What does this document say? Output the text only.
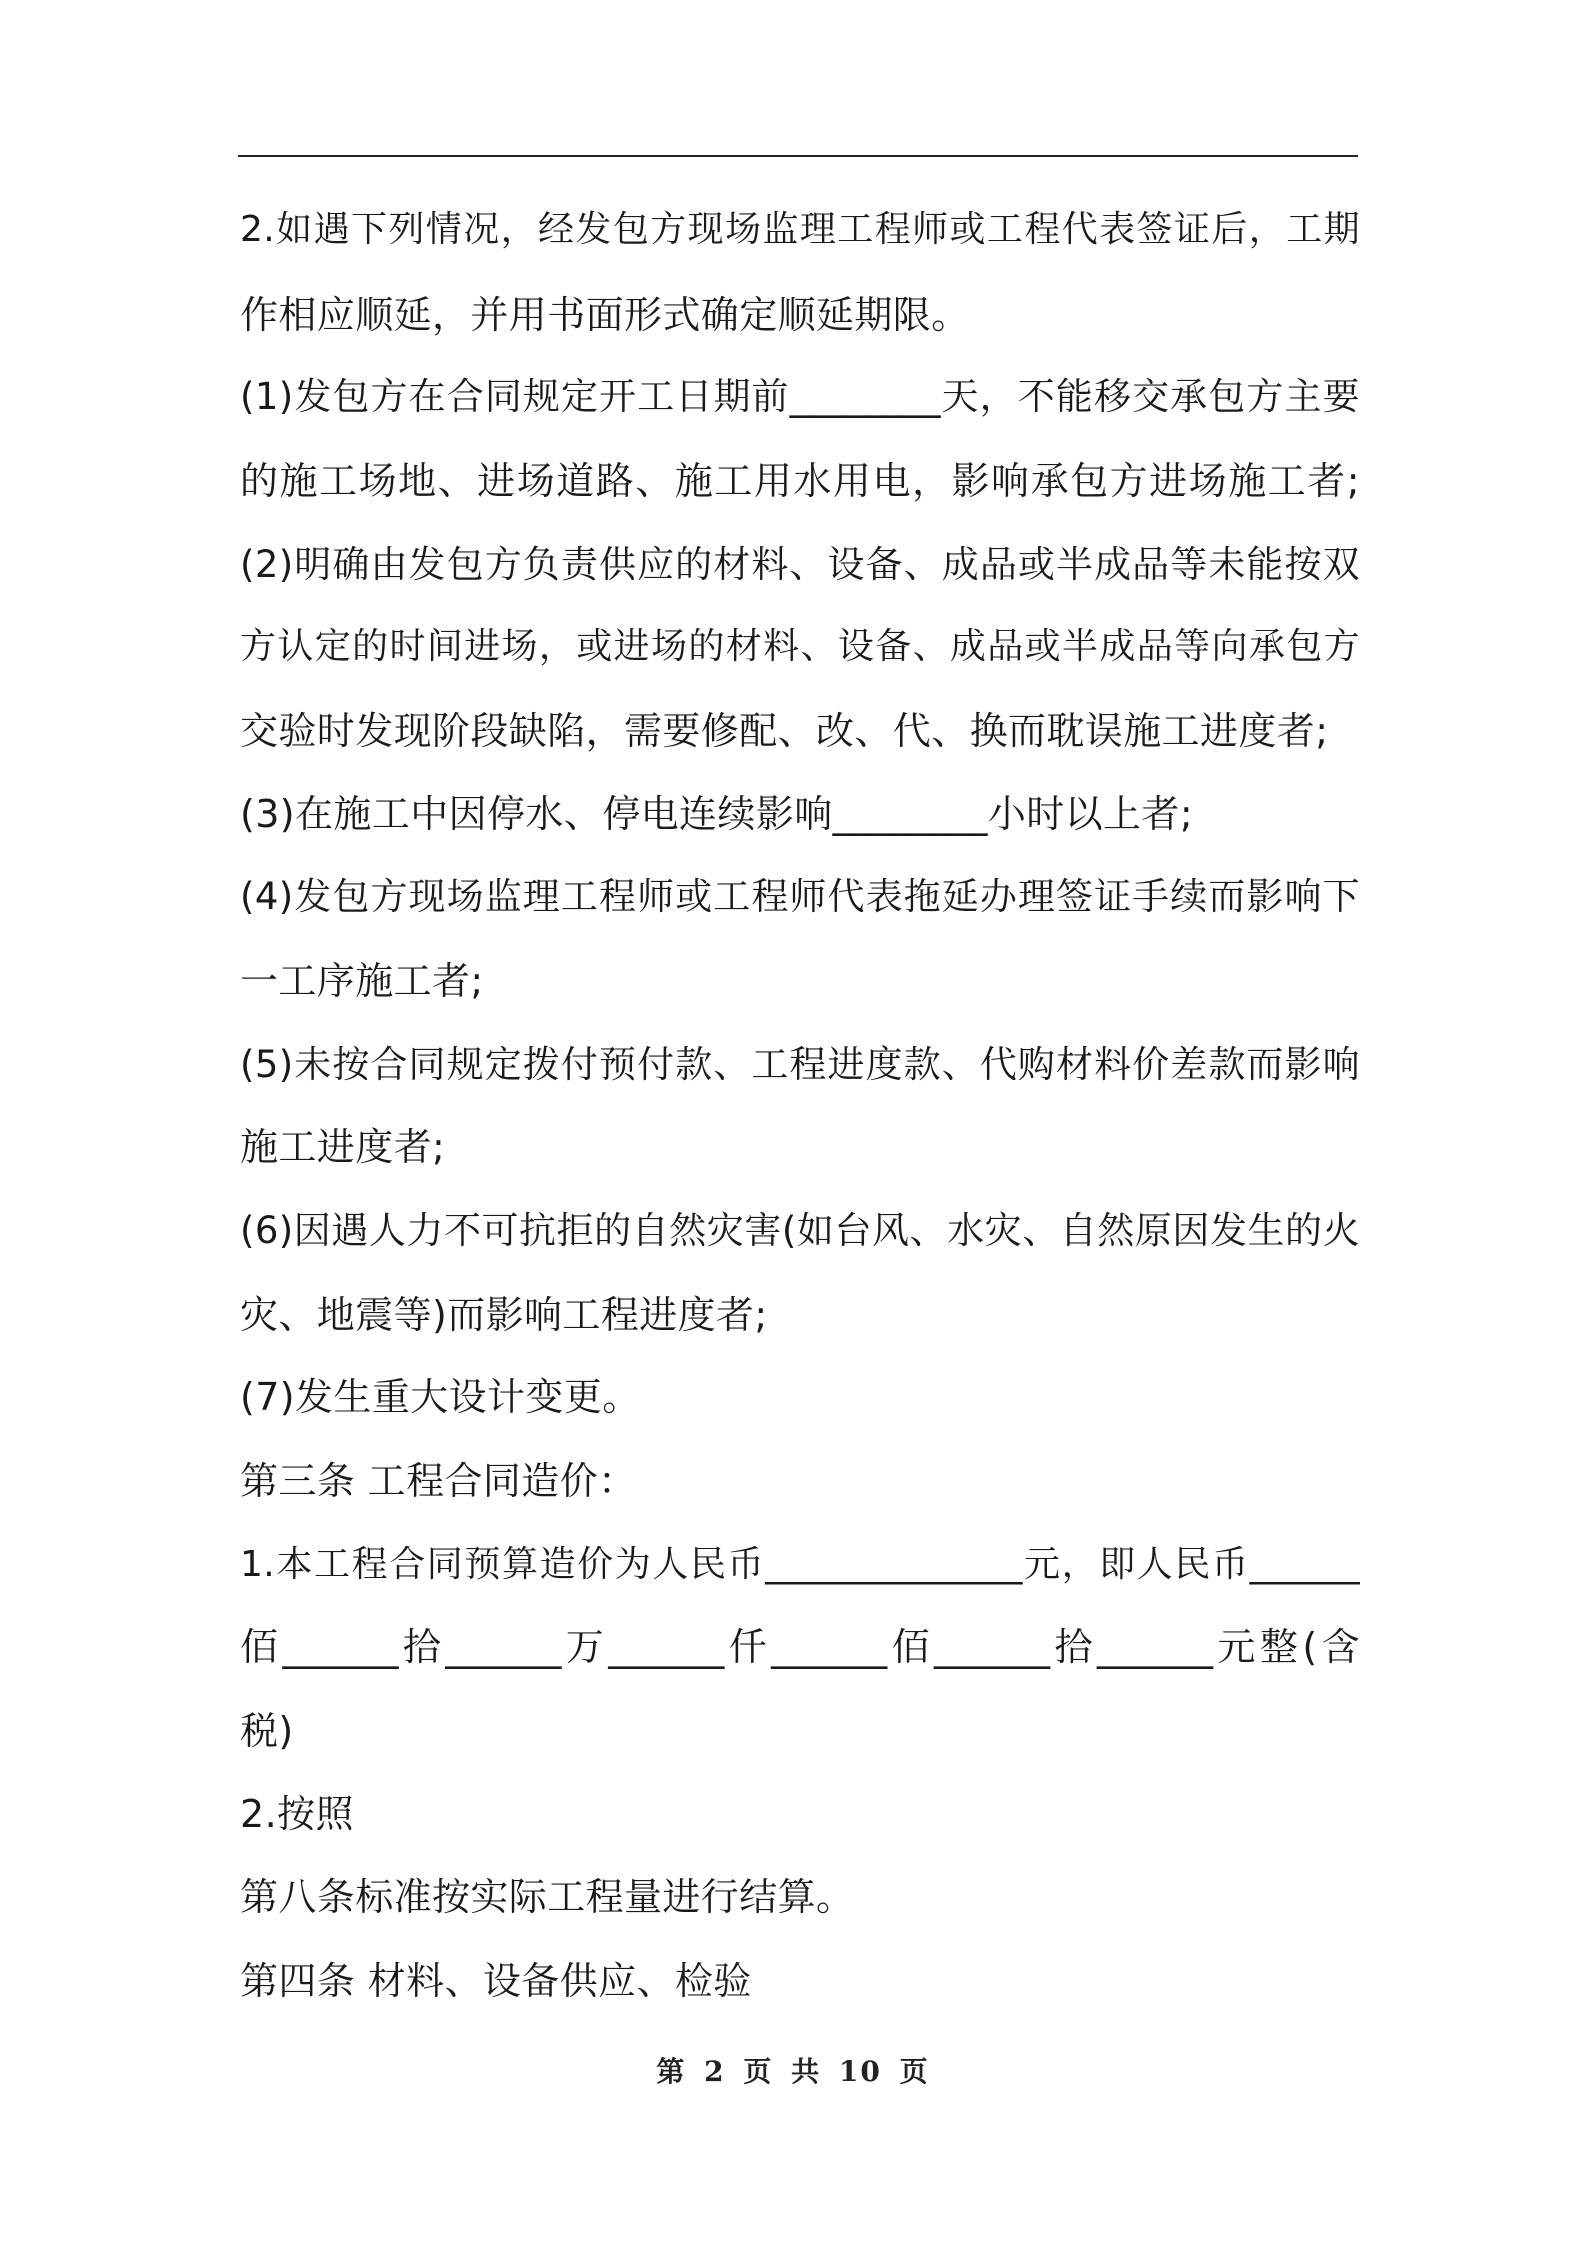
2.如遇下列情况，经发包方现场监理工程师或工程代表签证后，工期
作相应顺延，并用书面形式确定顺延期限。
(1)发包方在合同规定开工日期前________天，不能移交承包方主要
的施工场地、进场道路、施工用水用电，影响承包方进场施工者;
(2)明确由发包方负责供应的材料、设备、成品或半成品等未能按双
方认定的时间进场，或进场的材料、设备、成品或半成品等向承包方
交验时发现阶段缺陷，需要修配、改、代、换而耽误施工进度者;
(3)在施工中因停水、停电连续影响________小时以上者;
(4)发包方现场监理工程师或工程师代表拖延办理签证手续而影响下
一工序施工者;
(5)未按合同规定拨付预付款、工程进度款、代购材料价差款而影响
施工进度者;
(6)因遇人力不可抗拒的自然灾害(如台风、水灾、自然原因发生的火
灾、地震等)而影响工程进度者;
(7)发生重大设计变更。
第三条 工程合同造价：
1.本工程合同预算造价为人民币______________元，即人民币______
佰______拾______万______仟______佰______拾______元整(含
税)
2.按照
第八条标准按实际工程量进行结算。
第四条 材料、设备供应、检验
第 2 页 共 10 页
